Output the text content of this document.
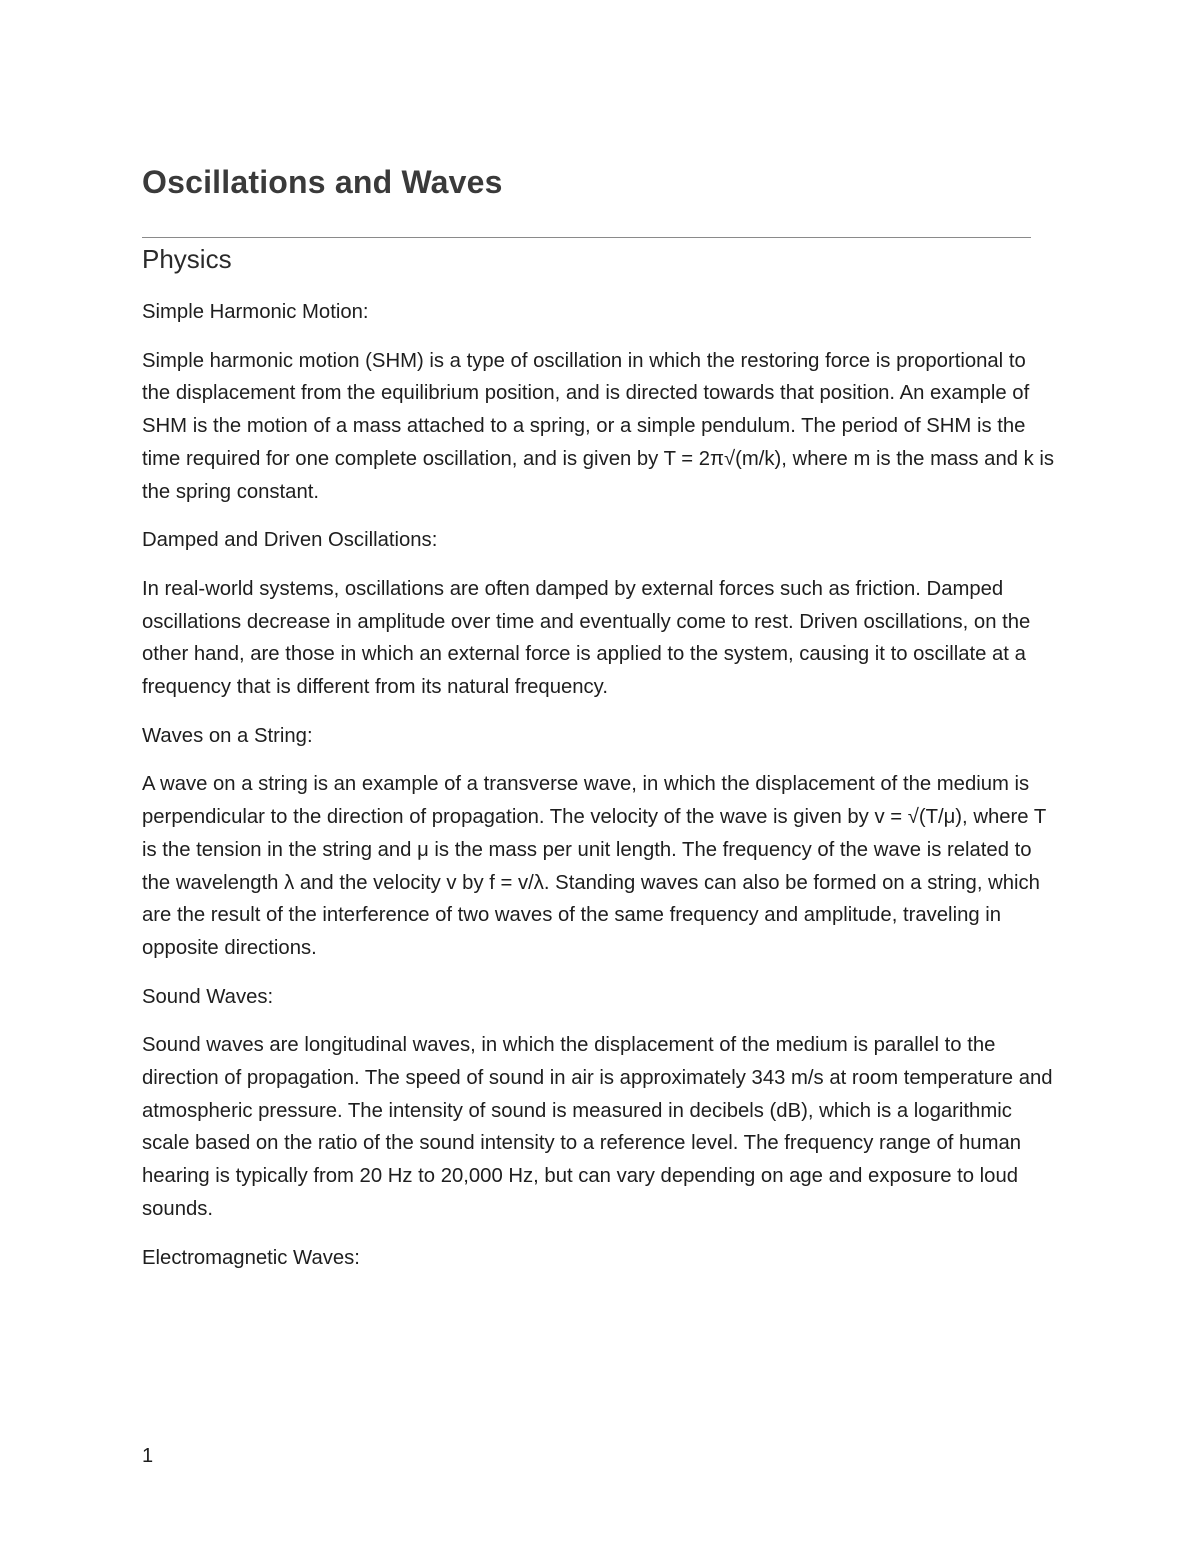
Oscillations and Waves
Physics

Simple Harmonic Motion:

Simple harmonic motion (SHM) is a type of oscillation in which the restoring force is proportional to the displacement from the equilibrium position, and is directed towards that position. An example of SHM is the motion of a mass attached to a spring, or a simple pendulum. The period of SHM is the time required for one complete oscillation, and is given by T = 2π√(m/k), where m is the mass and k is the spring constant.

Damped and Driven Oscillations:

In real-world systems, oscillations are often damped by external forces such as friction. Damped oscillations decrease in amplitude over time and eventually come to rest. Driven oscillations, on the other hand, are those in which an external force is applied to the system, causing it to oscillate at a frequency that is different from its natural frequency.

Waves on a String:

A wave on a string is an example of a transverse wave, in which the displacement of the medium is perpendicular to the direction of propagation. The velocity of the wave is given by v = √(T/μ), where T is the tension in the string and μ is the mass per unit length. The frequency of the wave is related to the wavelength λ and the velocity v by f = v/λ. Standing waves can also be formed on a string, which are the result of the interference of two waves of the same frequency and amplitude, traveling in opposite directions.

Sound Waves:

Sound waves are longitudinal waves, in which the displacement of the medium is parallel to the direction of propagation. The speed of sound in air is approximately 343 m/s at room temperature and atmospheric pressure. The intensity of sound is measured in decibels (dB), which is a logarithmic scale based on the ratio of the sound intensity to a reference level. The frequency range of human hearing is typically from 20 Hz to 20,000 Hz, but can vary depending on age and exposure to loud sounds.

Electromagnetic Waves:

1
